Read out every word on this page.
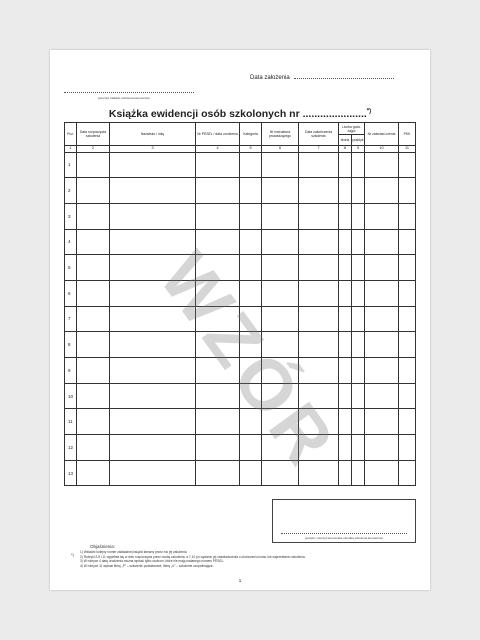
Data założenia
(pieczęć zakładu szkolenia kierowców)
Książka ewidencji osób szkolonych nr ......................*)
Poz.	Data rozpoczęcia szkolenia	Nazwisko i imię	Nr PESEL / data urodzenia	Kategoria	Nr instruktora prowadzącego	Data zakończenia szkolenia	Liczba godz. zajęć		Nr zaświad-czenia	PKK
							teoria	praktyk		
1	2	3	4	5	6	7	8	9	10	11
1										
2										
3										
4										
5										
6										
7										
8										
9										
10										
11										
12										
13										WZÓR
(podpis i pieczęć kierownika ośrodka szkolenia kierowców)
Objaśnienia:
*) 1) Wstawić kolejny numer zakładanej książki łamany przez rok jej założenia.
2) Rubryki 2-6 i 11 wypełnia się w dniu rozpoczęcia przez osobę szkolenia, a 7-10 po wydaniu jej zaświadczenia o ukończeniu kursu lub zaprzestaniu szkolenia.
3) W rubryce 4 datę urodzenia można wpisać tylko osobom, które nie mają nadanego numeru PESEL.
4) W rubryce 11 wpisać literę „P” – szkolenie podstawowe, literę „U” – szkolenie uzupełniające.
1
